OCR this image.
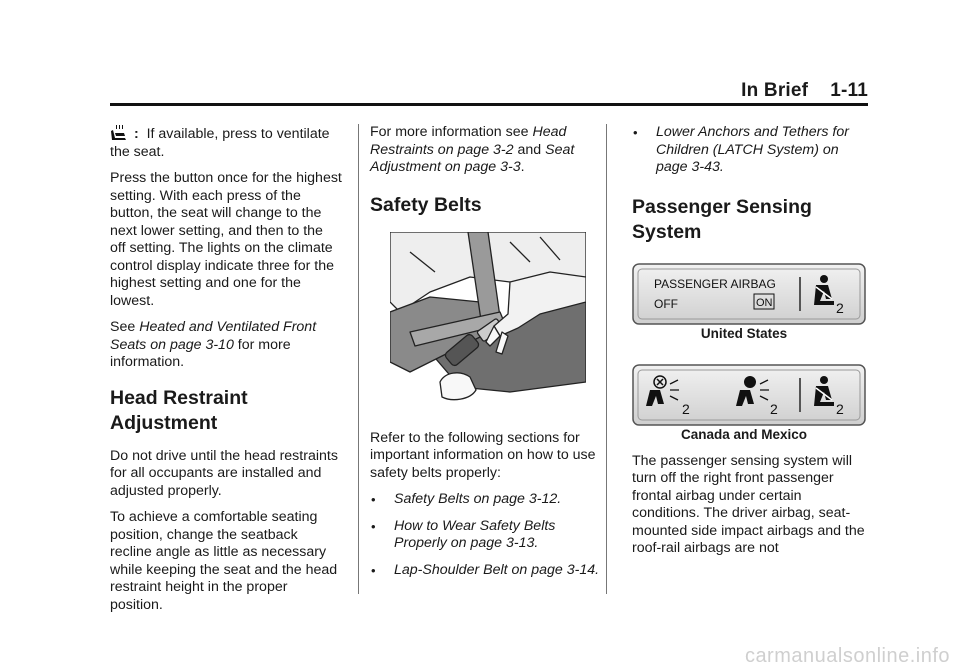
In Brief 1-11

: If available, press to ventilate the seat.

Press the button once for the highest setting. With each press of the button, the seat will change to the next lower setting, and then to the off setting. The lights on the climate control display indicate three for the highest setting and one for the lowest.

See Heated and Ventilated Front Seats on page 3-10 for more information.

Head Restraint Adjustment

Do not drive until the head restraints for all occupants are installed and adjusted properly.

To achieve a comfortable seating position, change the seatback recline angle as little as necessary while keeping the seat and the head restraint height in the proper position.

For more information see Head Restraints on page 3-2 and Seat Adjustment on page 3-3.

Safety Belts

Refer to the following sections for important information on how to use safety belts properly:

• Safety Belts on page 3-12.
• How to Wear Safety Belts Properly on page 3-13.
• Lap-Shoulder Belt on page 3-14.
• Lower Anchors and Tethers for Children (LATCH System) on page 3-43.
Passenger Sensing System
PASSENGER AIRBAG
OFF	ON	2

United States

2	2	2

Canada and Mexico

The passenger sensing system will turn off the right front passenger frontal airbag under certain conditions. The driver airbag, seat-mounted side impact airbags and the roof-rail airbags are not

carmanualsonline.info
